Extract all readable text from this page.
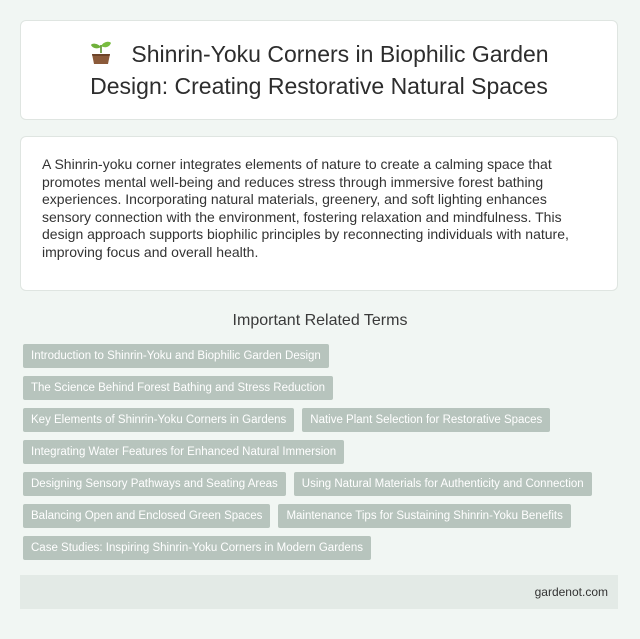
Shinrin-Yoku Corners in Biophilic Garden Design: Creating Restorative Natural Spaces

A Shinrin-yoku corner integrates elements of nature to create a calming space that promotes mental well-being and reduces stress through immersive forest bathing experiences. Incorporating natural materials, greenery, and soft lighting enhances sensory connection with the environment, fostering relaxation and mindfulness. This design approach supports biophilic principles by reconnecting individuals with nature, improving focus and overall health.

Important Related Terms
Introduction to Shinrin-Yoku and Biophilic Garden Design
The Science Behind Forest Bathing and Stress Reduction
Key Elements of Shinrin-Yoku Corners in Gardens	Native Plant Selection for Restorative Spaces
Integrating Water Features for Enhanced Natural Immersion
Designing Sensory Pathways and Seating Areas	Using Natural Materials for Authenticity and Connection
Balancing Open and Enclosed Green Spaces	Maintenance Tips for Sustaining Shinrin-Yoku Benefits
Case Studies: Inspiring Shinrin-Yoku Corners in Modern Gardens
gardenot.com
